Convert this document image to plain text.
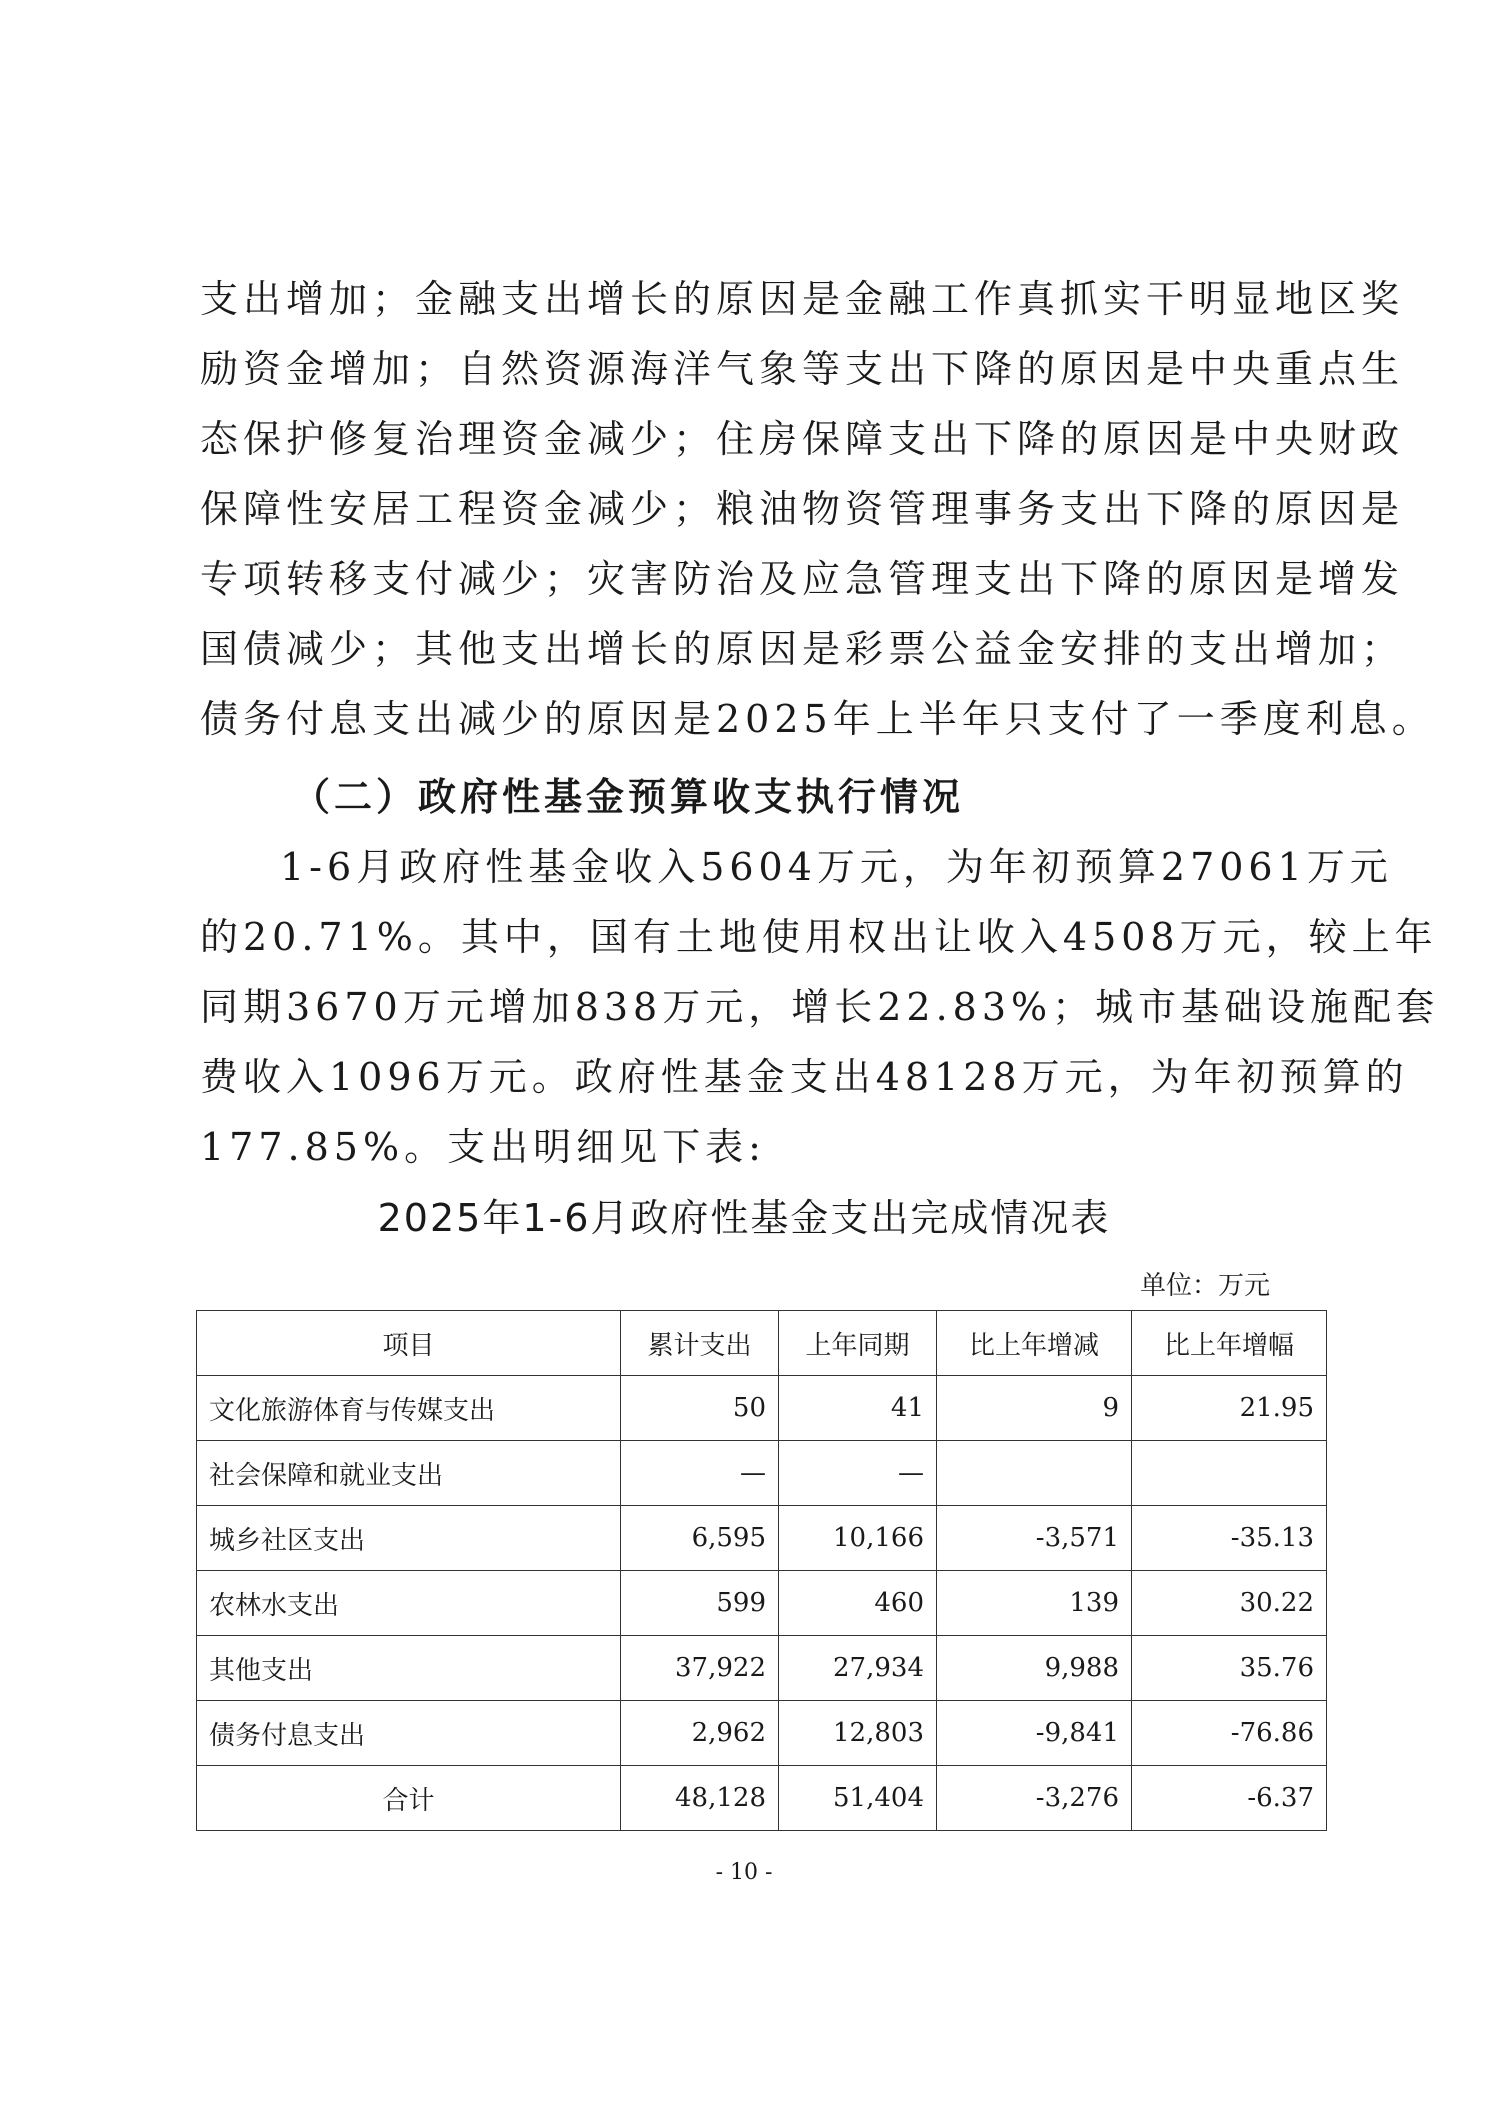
支出增加；金融支出增长的原因是金融工作真抓实干明显地区奖
励资金增加；自然资源海洋气象等支出下降的原因是中央重点生
态保护修复治理资金减少；住房保障支出下降的原因是中央财政
保障性安居工程资金减少；粮油物资管理事务支出下降的原因是
专项转移支付减少；灾害防治及应急管理支出下降的原因是增发
国债减少；其他支出增长的原因是彩票公益金安排的支出增加；
债务付息支出减少的原因是2025年上半年只支付了一季度利息。
（二）政府性基金预算收支执行情况
1-6月政府性基金收入5604万元，为年初预算27061万元
的20.71%。其中，国有土地使用权出让收入4508万元，较上年
同期3670万元增加838万元，增长22.83%；城市基础设施配套
费收入1096万元。政府性基金支出48128万元，为年初预算的
177.85%。支出明细见下表:
2025年1-6月政府性基金支出完成情况表
单位：万元
项目	累计支出	上年同期	比上年增减	比上年增幅
文化旅游体育与传媒支出	50	41	9	21.95
社会保障和就业支出	—	—		
城乡社区支出	6,595	10,166	-3,571	-35.13
农林水支出	599	460	139	30.22
其他支出	37,922	27,934	9,988	35.76
债务付息支出	2,962	12,803	-9,841	-76.86
合计	48,128	51,404	-3,276	-6.37
- 10 -
